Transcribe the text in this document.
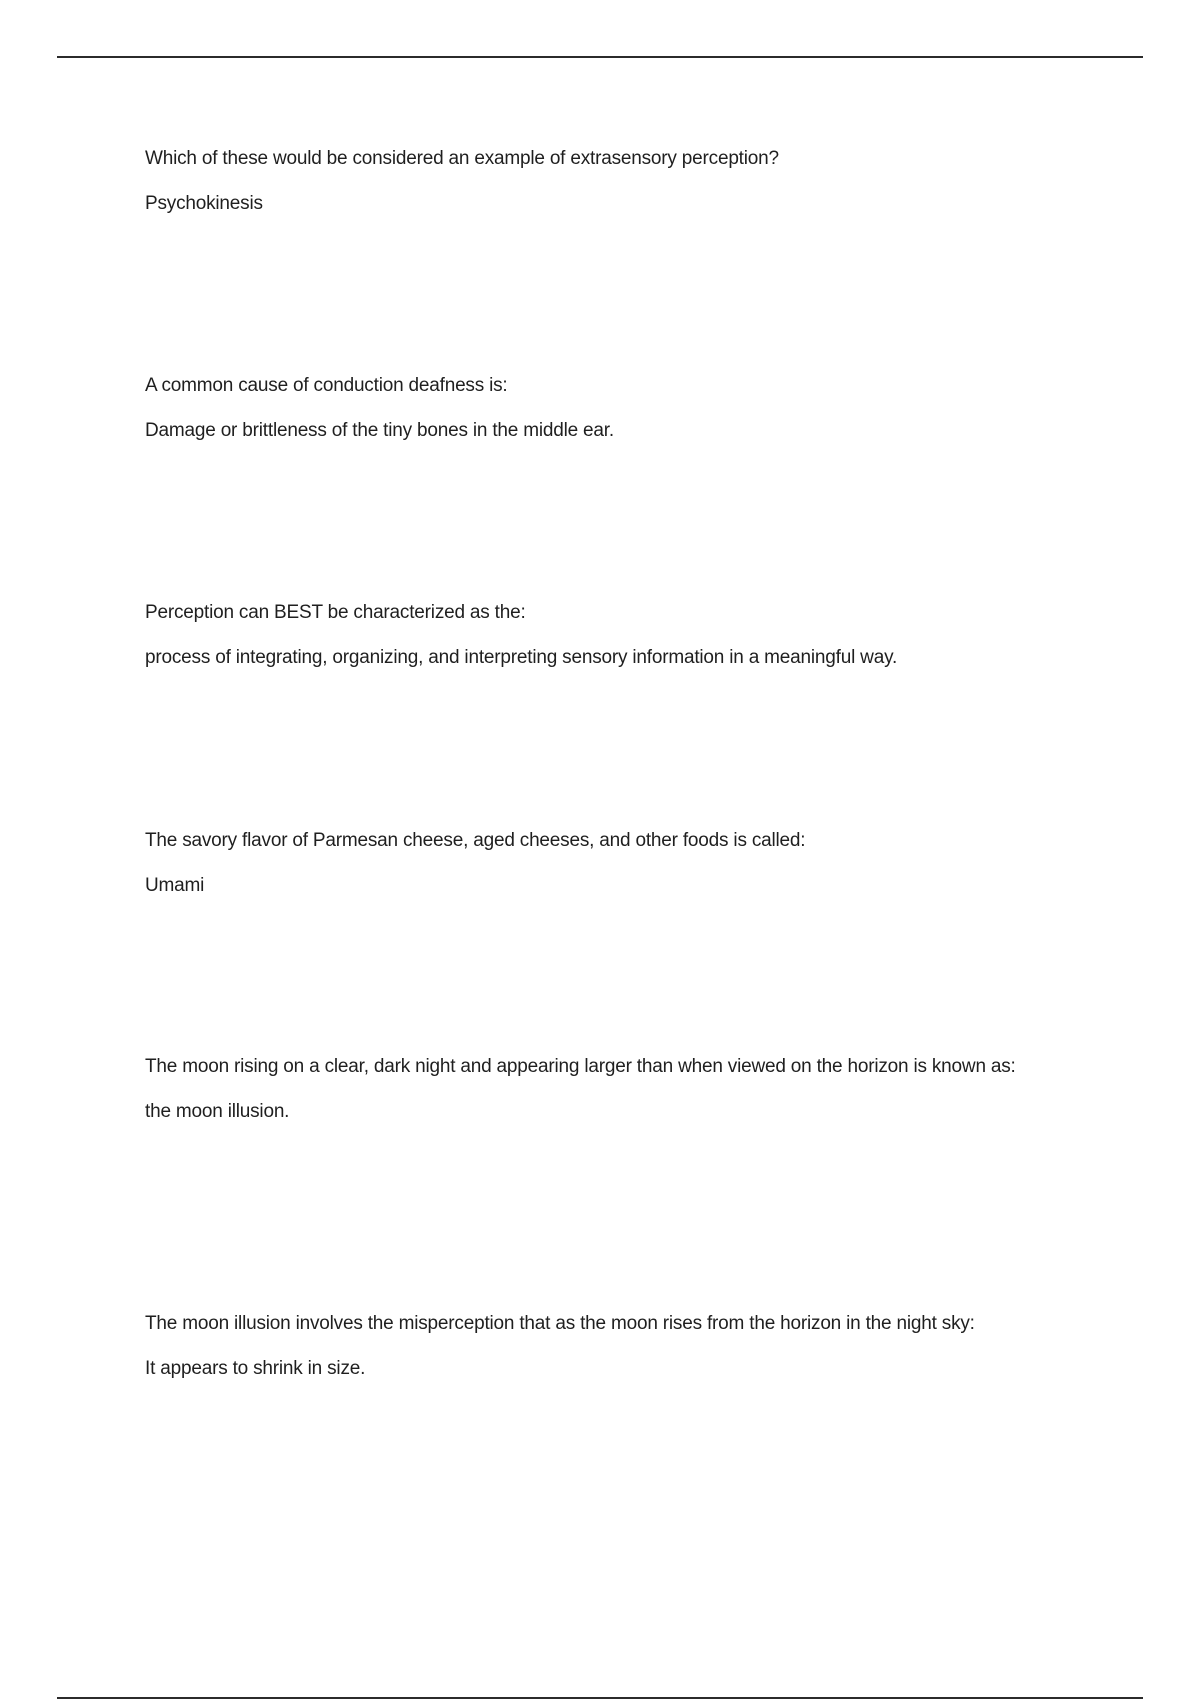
Which of these would be considered an example of extrasensory perception?

Psychokinesis

A common cause of conduction deafness is:

Damage or brittleness of the tiny bones in the middle ear.

Perception can BEST be characterized as the:

process of integrating, organizing, and interpreting sensory information in a meaningful way.

The savory flavor of Parmesan cheese, aged cheeses, and other foods is called:

Umami

The moon rising on a clear, dark night and appearing larger than when viewed on the horizon is known as:

the moon illusion.

The moon illusion involves the misperception that as the moon rises from the horizon in the night sky:

It appears to shrink in size.
